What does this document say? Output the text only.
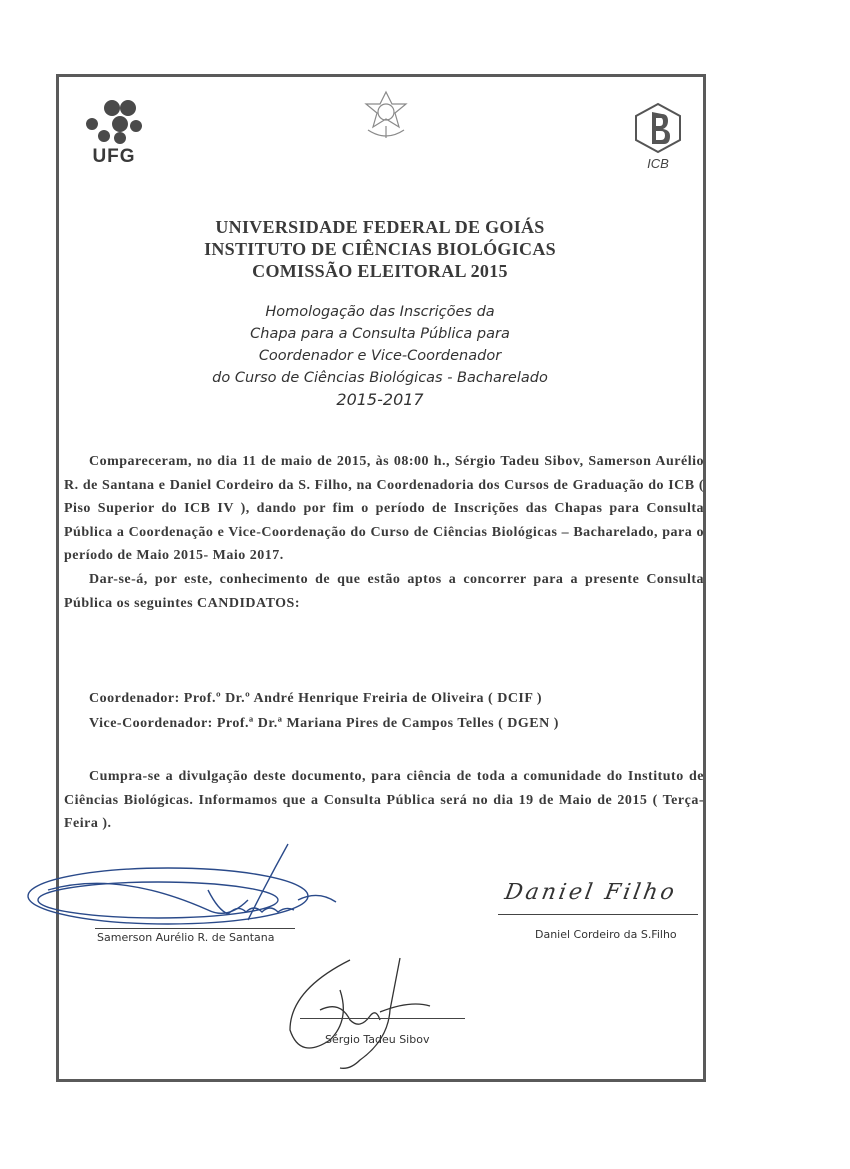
UFG	ICB
UNIVERSIDADE FEDERAL DE GOIÁS
INSTITUTO DE CIÊNCIAS BIOLÓGICAS
COMISSÃO ELEITORAL 2015
Homologação das Inscrições da
Chapa para a Consulta Pública para
Coordenador e Vice-Coordenador
do Curso de Ciências Biológicas - Bacharelado
2015-2017

Compareceram, no dia 11 de maio de 2015, às 08:00 h., Sérgio Tadeu Sibov, Samerson Aurélio R. de Santana e Daniel Cordeiro da S. Filho, na Coordenadoria dos Cursos de Graduação do ICB ( Piso Superior do ICB IV ), dando por fim o período de Inscrições das Chapas para Consulta Pública a Coordenação e Vice-Coordenação do Curso de Ciências Biológicas – Bacharelado, para o período de Maio 2015- Maio 2017.

Dar-se-á, por este, conhecimento de que estão aptos a concorrer para a presente Consulta Pública os seguintes CANDIDATOS:

Coordenador: Prof.º Dr.º André Henrique Freiria de Oliveira ( DCIF )
Vice-Coordenador: Prof.ª Dr.ª Mariana Pires de Campos Telles ( DGEN )

Cumpra-se a divulgação deste documento, para ciência de toda a comunidade do Instituto de Ciências Biológicas. Informamos que a Consulta Pública será no dia 19 de Maio de 2015 ( Terça-Feira ).

Samerson Aurélio R. de Santana
Daniel Filho
Daniel Cordeiro da S.Filho
Sérgio Tadeu Sibov
